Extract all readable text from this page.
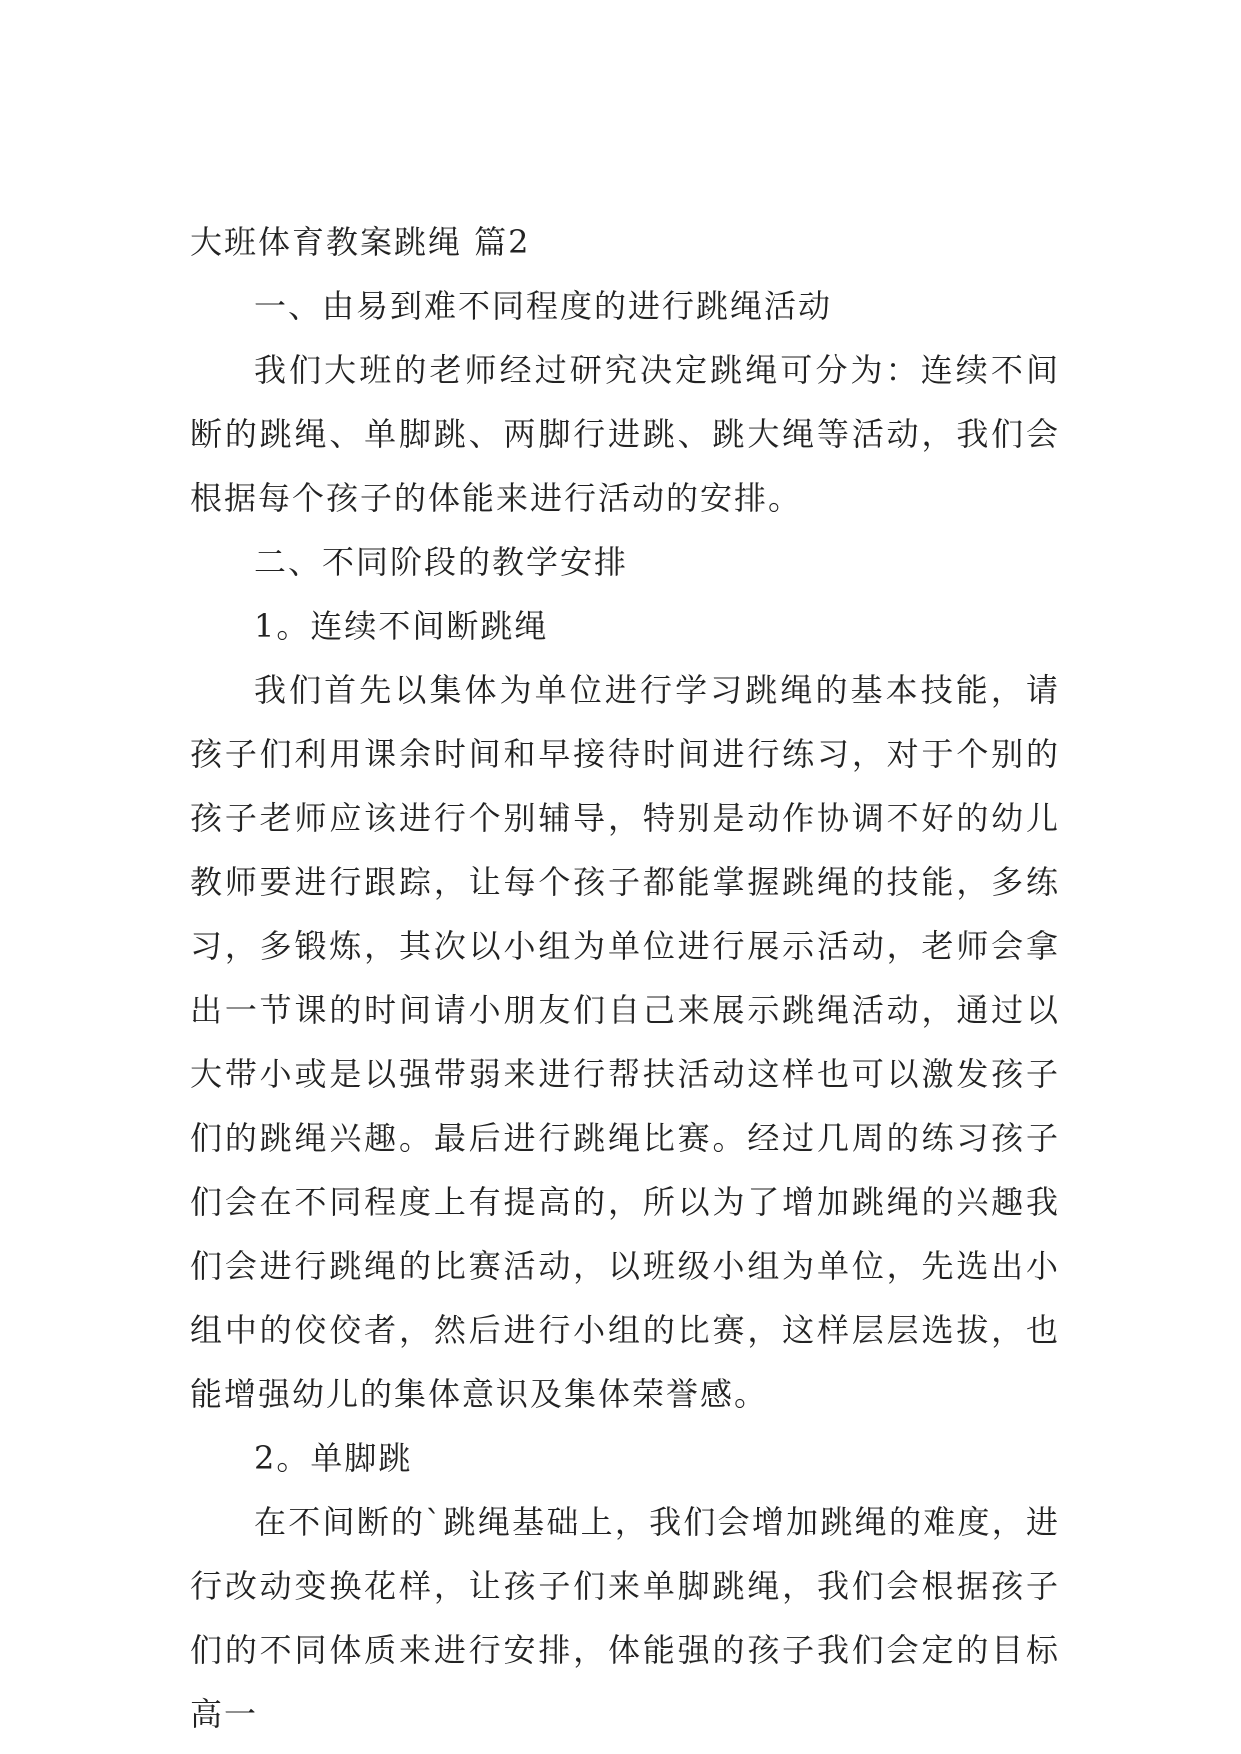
大班体育教案跳绳 篇2

一、由易到难不同程度的进行跳绳活动

我们大班的老师经过研究决定跳绳可分为：连续不间断的跳绳、单脚跳、两脚行进跳、跳大绳等活动，我们会根据每个孩子的体能来进行活动的安排。

二、不同阶段的教学安排

1。连续不间断跳绳

我们首先以集体为单位进行学习跳绳的基本技能，请孩子们利用课余时间和早接待时间进行练习，对于个别的孩子老师应该进行个别辅导，特别是动作协调不好的幼儿教师要进行跟踪，让每个孩子都能掌握跳绳的技能，多练习，多锻炼，其次以小组为单位进行展示活动，老师会拿出一节课的时间请小朋友们自己来展示跳绳活动，通过以大带小或是以强带弱来进行帮扶活动这样也可以激发孩子们的跳绳兴趣。最后进行跳绳比赛。经过几周的练习孩子们会在不同程度上有提高的，所以为了增加跳绳的兴趣我们会进行跳绳的比赛活动，以班级小组为单位，先选出小组中的佼佼者，然后进行小组的比赛，这样层层选拔，也能增强幼儿的集体意识及集体荣誉感。

2。单脚跳

在不间断的`跳绳基础上，我们会增加跳绳的难度，进行改动变换花样，让孩子们来单脚跳绳，我们会根据孩子们的不同体质来进行安排，体能强的孩子我们会定的目标高一
